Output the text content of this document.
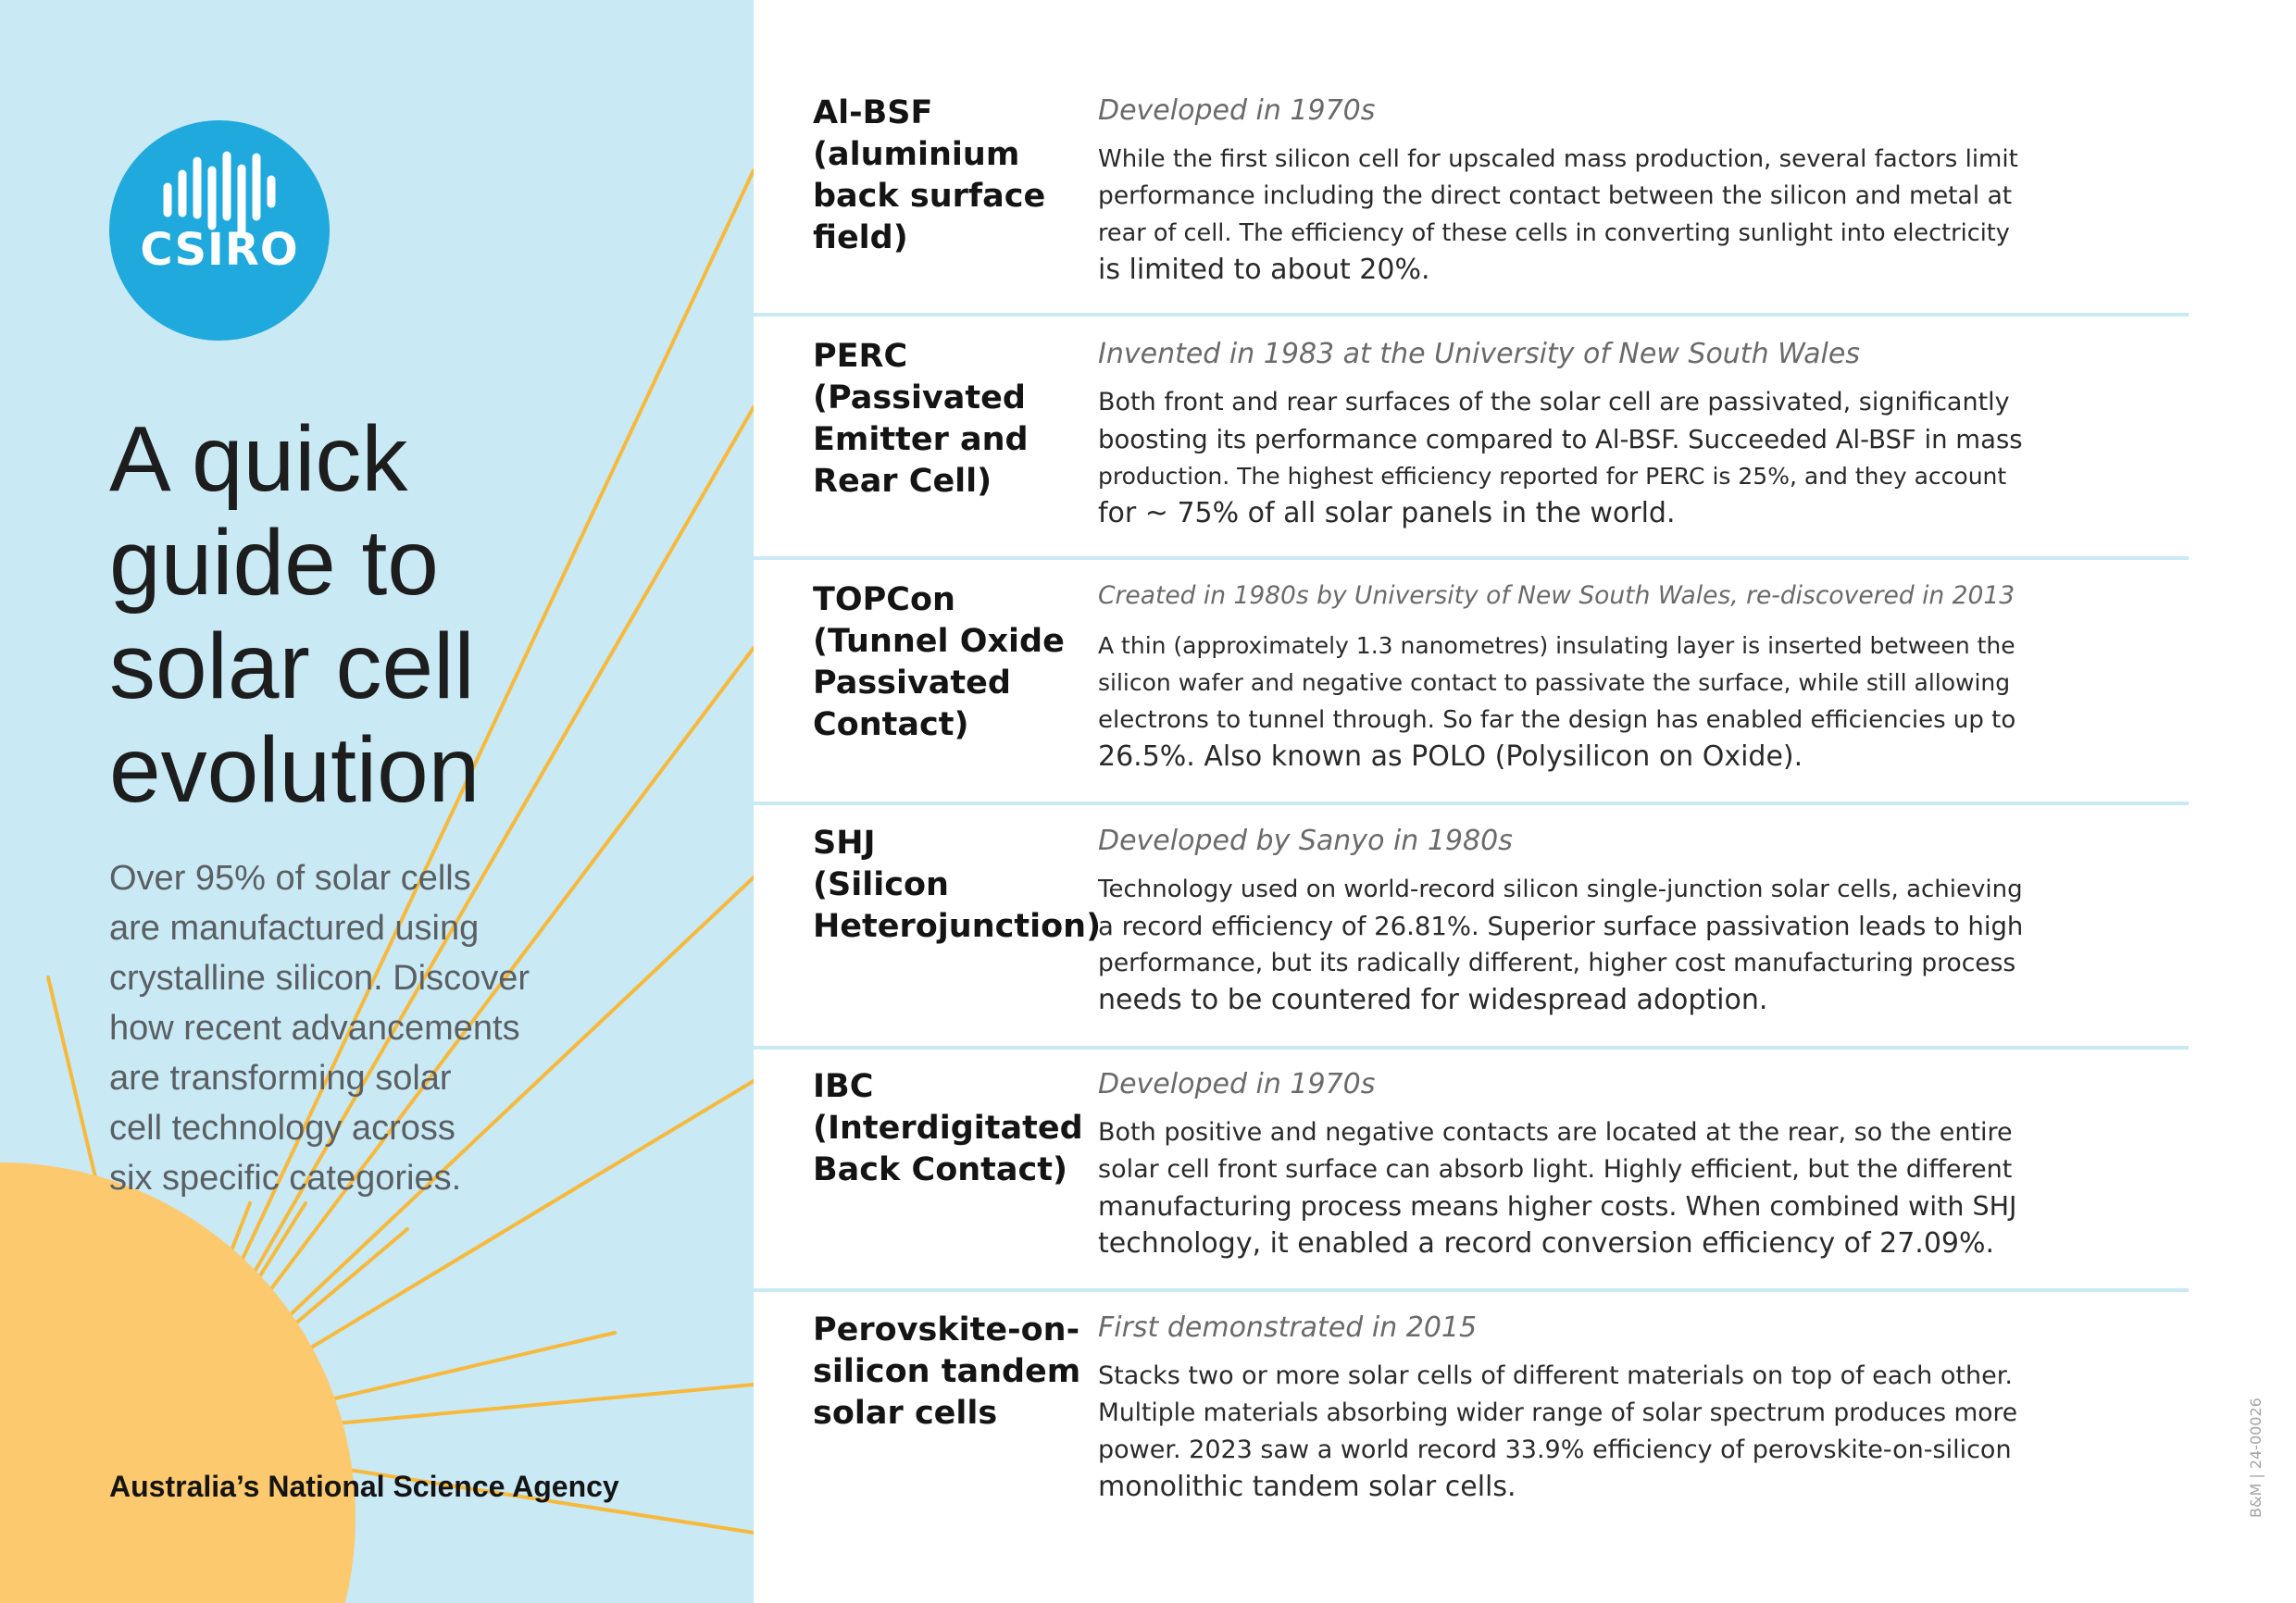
CSIRO
A quick
guide to
solar cell
evolution

Over 95% of solar cells
are manufactured using
crystalline silicon. Discover
how recent advancements
are transforming solar
cell technology across
six specific categories.

Australia’s National Science Agency
Al-BSF
(aluminium
back surface
field)
Developed in 1970s
While the first silicon cell for upscaled mass production, several factors limit
performance including the direct contact between the silicon and metal at
rear of cell. The efficiency of these cells in converting sunlight into electricity
is limited to about 20%.
PERC
(Passivated
Emitter and
Rear Cell)
Invented in 1983 at the University of New South Wales
Both front and rear surfaces of the solar cell are passivated, significantly
boosting its performance compared to Al-BSF. Succeeded Al-BSF in mass
production. The highest efficiency reported for PERC is 25%, and they account
for ~ 75% of all solar panels in the world.
TOPCon
(Tunnel Oxide
Passivated
Contact)
Created in 1980s by University of New South Wales, re-discovered in 2013
A thin (approximately 1.3 nanometres) insulating layer is inserted between the
silicon wafer and negative contact to passivate the surface, while still allowing
electrons to tunnel through. So far the design has enabled efficiencies up to
26.5%. Also known as POLO (Polysilicon on Oxide).
SHJ
(Silicon
Heterojunction)
Developed by Sanyo in 1980s
Technology used on world-record silicon single-junction solar cells, achieving
a record efficiency of 26.81%. Superior surface passivation leads to high
performance, but its radically different, higher cost manufacturing process
needs to be countered for widespread adoption.
IBC
(Interdigitated
Back Contact)
Developed in 1970s
Both positive and negative contacts are located at the rear, so the entire
solar cell front surface can absorb light. Highly efficient, but the different
manufacturing process means higher costs. When combined with SHJ
technology, it enabled a record conversion efficiency of 27.09%.
Perovskite-on-
silicon tandem
solar cells
First demonstrated in 2015
Stacks two or more solar cells of different materials on top of each other.
Multiple materials absorbing wider range of solar spectrum produces more
power. 2023 saw a world record 33.9% efficiency of perovskite-on-silicon
monolithic tandem solar cells.	B&M | 24-00026
